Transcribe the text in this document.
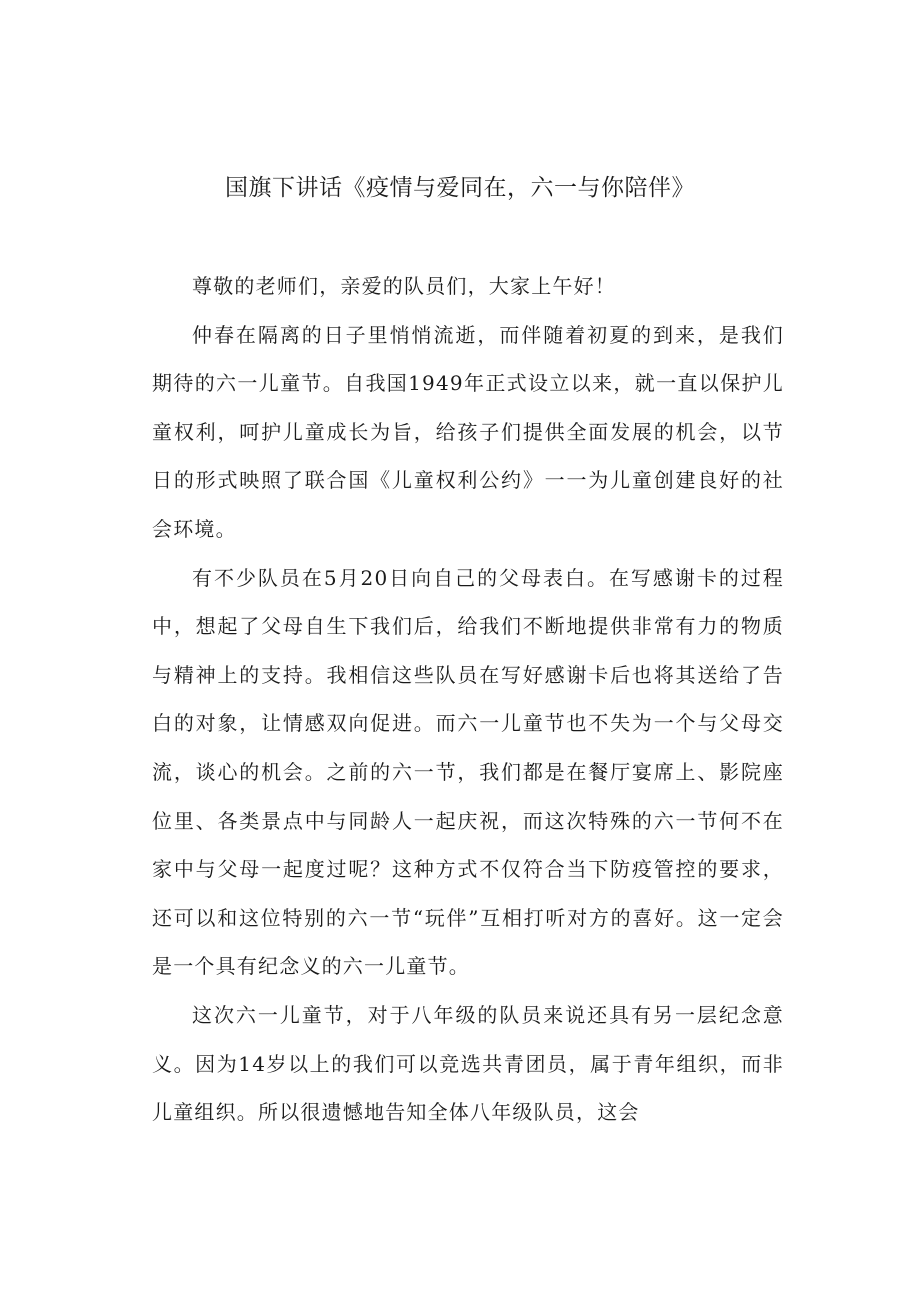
国旗下讲话《疫情与爱同在，六一与你陪伴》

尊敬的老师们，亲爱的队员们，大家上午好！

仲春在隔离的日子里悄悄流逝，而伴随着初夏的到来，是我们期待的六一儿童节。自我国1949年正式设立以来，就一直以保护儿童权利，呵护儿童成长为旨，给孩子们提供全面发展的机会，以节日的形式映照了联合国《儿童权利公约》一一为儿童创建良好的社会环境。

有不少队员在5月20日向自己的父母表白。在写感谢卡的过程中，想起了父母自生下我们后，给我们不断地提供非常有力的物质与精神上的支持。我相信这些队员在写好感谢卡后也将其送给了告白的对象，让情感双向促进。而六一儿童节也不失为一个与父母交流，谈心的机会。之前的六一节，我们都是在餐厅宴席上、影院座位里、各类景点中与同龄人一起庆祝，而这次特殊的六一节何不在家中与父母一起度过呢？这种方式不仅符合当下防疫管控的要求，还可以和这位特别的六一节“玩伴”互相打听对方的喜好。这一定会是一个具有纪念义的六一儿童节。

这次六一儿童节，对于八年级的队员来说还具有另一层纪念意义。因为14岁以上的我们可以竞选共青团员，属于青年组织，而非儿童组织。所以很遗憾地告知全体八年级队员，这会
